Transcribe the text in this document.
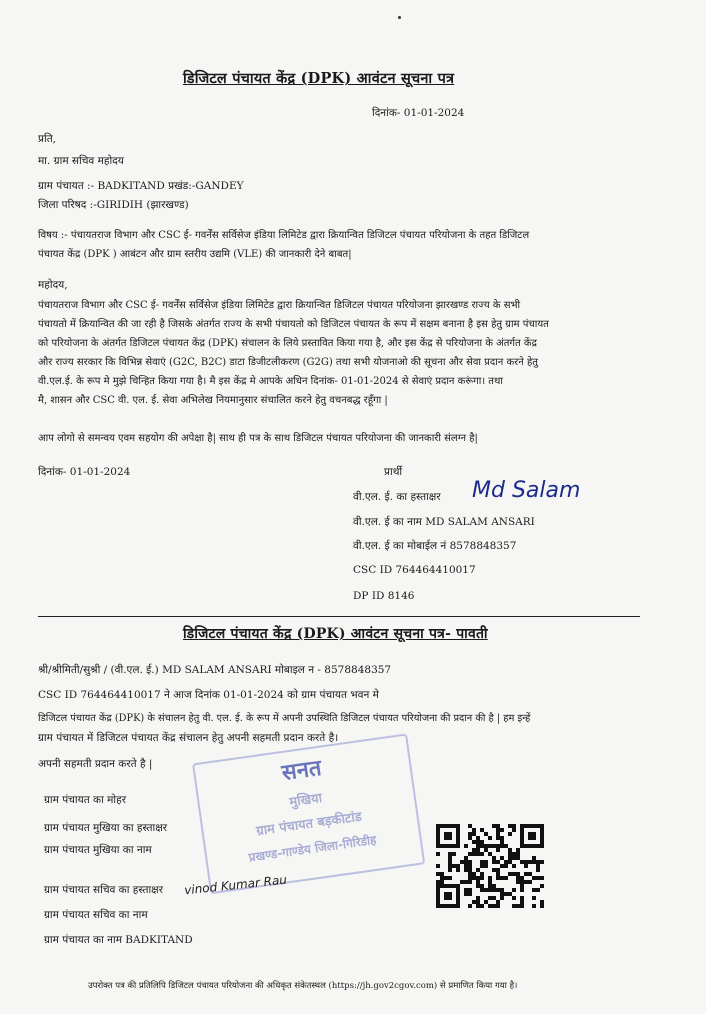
डिजिटल पंचायत केंद्र (DPK) आवंटन सूचना पत्र
दिनांक- 01-01-2024
प्रति,
मा. ग्राम सचिव महोदय
ग्राम पंचायत :- BADKITAND प्रखंड:-GANDEY
जिला परिषद :-GIRIDIH (झारखण्ड)
विषय :- पंचायतराज विभाग और CSC ई- गवर्नेंस सर्विसेज इंडिया लिमिटेड द्वारा क्रियान्वित डिजिटल पंचायत परियोजना के तहत डिजिटल
पंचायत केंद्र (DPK ) आबंटन और ग्राम स्तरीय उद्यमि (VLE) की जानकारी देने बाबत|
महोदय,
पंचायतराज विभाग और CSC ई- गवर्नेंस सर्विसेज इंडिया लिमिटेड द्वारा क्रियान्वित डिजिटल पंचायत परियोजना झारखण्ड राज्य के सभी
पंचायतो में क्रियान्वित की जा रही है जिसके अंतर्गत राज्य के सभी पंचायतो को डिजिटल पंचायत के रूप में सक्षम बनाना है इस हेतु ग्राम पंचायत
को परियोजना के अंतर्गत डिजिटल पंचायत केंद्र (DPK) संचालन के लिये प्रस्तावित किया गया है, और इस केंद्र से परियोजना के अंतर्गत केंद्र
और राज्य सरकार कि विभिन्न सेवाएं (G2C, B2C) डाटा डिजीटलीकरण (G2G) तथा सभी योजनाओ की सूचना और सेवा प्रदान करने हेतु
वी.एल.ई. के रूप मे मुझे चिन्हित किया गया है। मै इस केंद्र मे आपके अधिन दिनांक- 01-01-2024 से सेवाएं प्रदान करूंगा। तथा
मै, शासन और CSC वी. एल. ई. सेवा अभिलेख नियमानुसार संचालित करने हेतु वचनबद्ध रहूँगा |
आप लोगो से समन्वय एवम सहयोग की अपेक्षा है| साथ ही पत्र के साथ डिजिटल पंचायत परियोजना की जानकारी संलग्न है|
दिनांक- 01-01-2024	प्रार्थी
वी.एल. ई. का हस्ताक्षर Md Salam
वी.एल. ई का नाम MD SALAM ANSARI
वी.एल. ई का मोबाईल नं 8578848357
CSC ID 764464410017
DP ID 8146
डिजिटल पंचायत केंद्र (DPK) आवंटन सूचना पत्र- पावती
श्री/श्रीमिती/सुश्री / (वी.एल. ई.) MD SALAM ANSARI मोबाइल न - 8578848357
CSC ID 764464410017 ने आज दिनांक 01-01-2024 को ग्राम पंचायत भवन मे
डिजिटल पंचायत केंद्र (DPK) के संचालन हेतु वी. एल. ई. के रूप में अपनी उपस्थिति डिजिटल पंचायत परियोजना की प्रदान की है | हम इन्हें
ग्राम पंचायत में डिजिटल पंचायत केंद्र संचालन हेतु अपनी सहमती प्रदान करते है।
अपनी सहमती प्रदान करते है |	सनत
मुखिया
ग्राम पंचायत बड़कीटांड
प्रखण्ड-गाण्डेय जिला-गिरिडीह
ग्राम पंचायत का मोहर
ग्राम पंचायत मुखिया का हस्ताक्षर
ग्राम पंचायत मुखिया का नाम
ग्राम पंचायत सचिव का हस्ताक्षर vinod Kumar Rau
ग्राम पंचायत सचिव का नाम
ग्राम पंचायत का नाम BADKITAND
उपरोक्त पत्र की प्रतिलिपि डिजिटल पंचायत परियोजना की अधिकृत संकेतस्थल (https://jh.gov2cgov.com) से प्रमाणित किया गया है।
